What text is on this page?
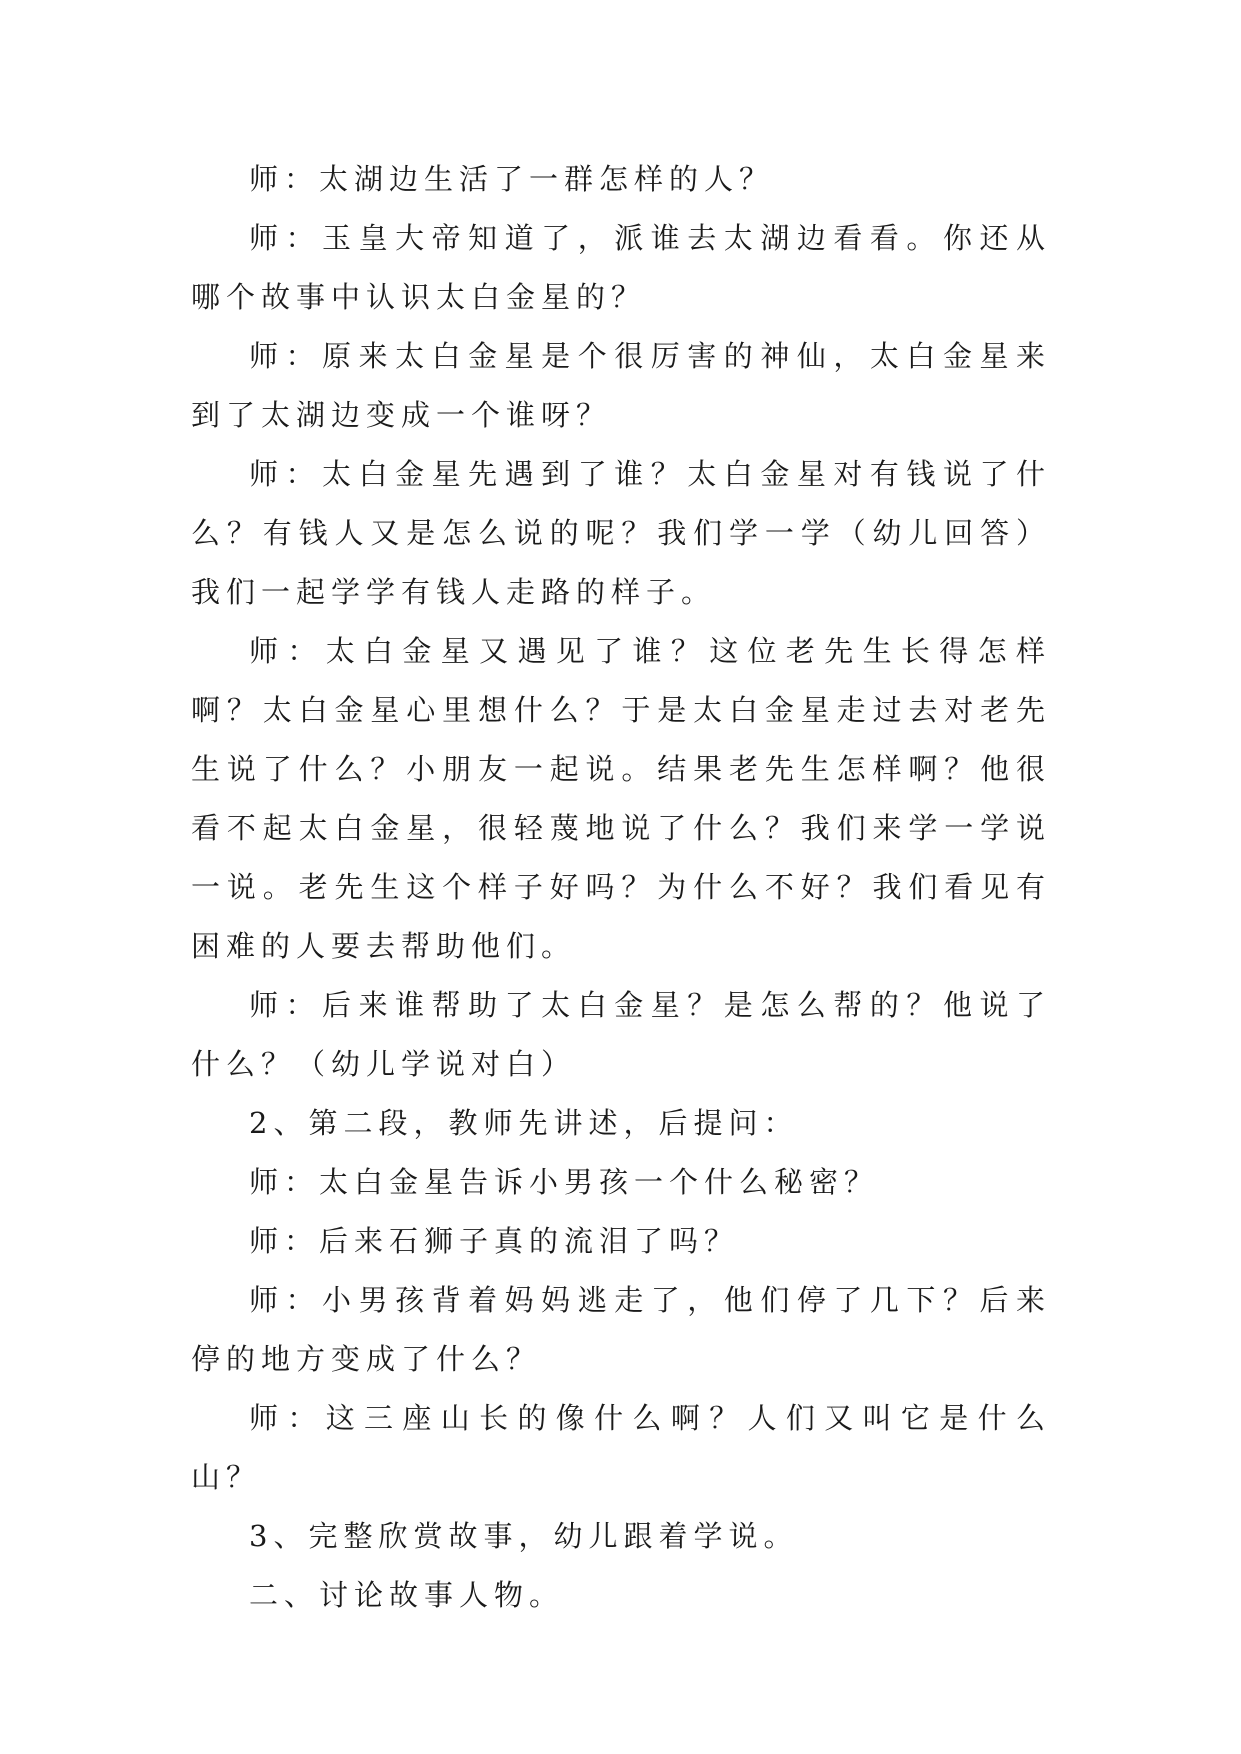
师：太湖边生活了一群怎样的人？

师：玉皇大帝知道了，派谁去太湖边看看。你还从哪个故事中认识太白金星的？

师：原来太白金星是个很厉害的神仙，太白金星来到了太湖边变成一个谁呀？

师：太白金星先遇到了谁？太白金星对有钱说了什么？有钱人又是怎么说的呢？我们学一学（幼儿回答）我们一起学学有钱人走路的样子。

师：太白金星又遇见了谁？这位老先生长得怎样啊？太白金星心里想什么？于是太白金星走过去对老先生说了什么？小朋友一起说。结果老先生怎样啊？他很看不起太白金星，很轻蔑地说了什么？我们来学一学说一说。老先生这个样子好吗？为什么不好？我们看见有困难的人要去帮助他们。

师：后来谁帮助了太白金星？是怎么帮的？他说了什么？（幼儿学说对白）

2、第二段，教师先讲述，后提问：

师：太白金星告诉小男孩一个什么秘密？

师：后来石狮子真的流泪了吗？

师：小男孩背着妈妈逃走了，他们停了几下？后来停的地方变成了什么？

师：这三座山长的像什么啊？人们又叫它是什么山？

3、完整欣赏故事，幼儿跟着学说。

二、讨论故事人物。
